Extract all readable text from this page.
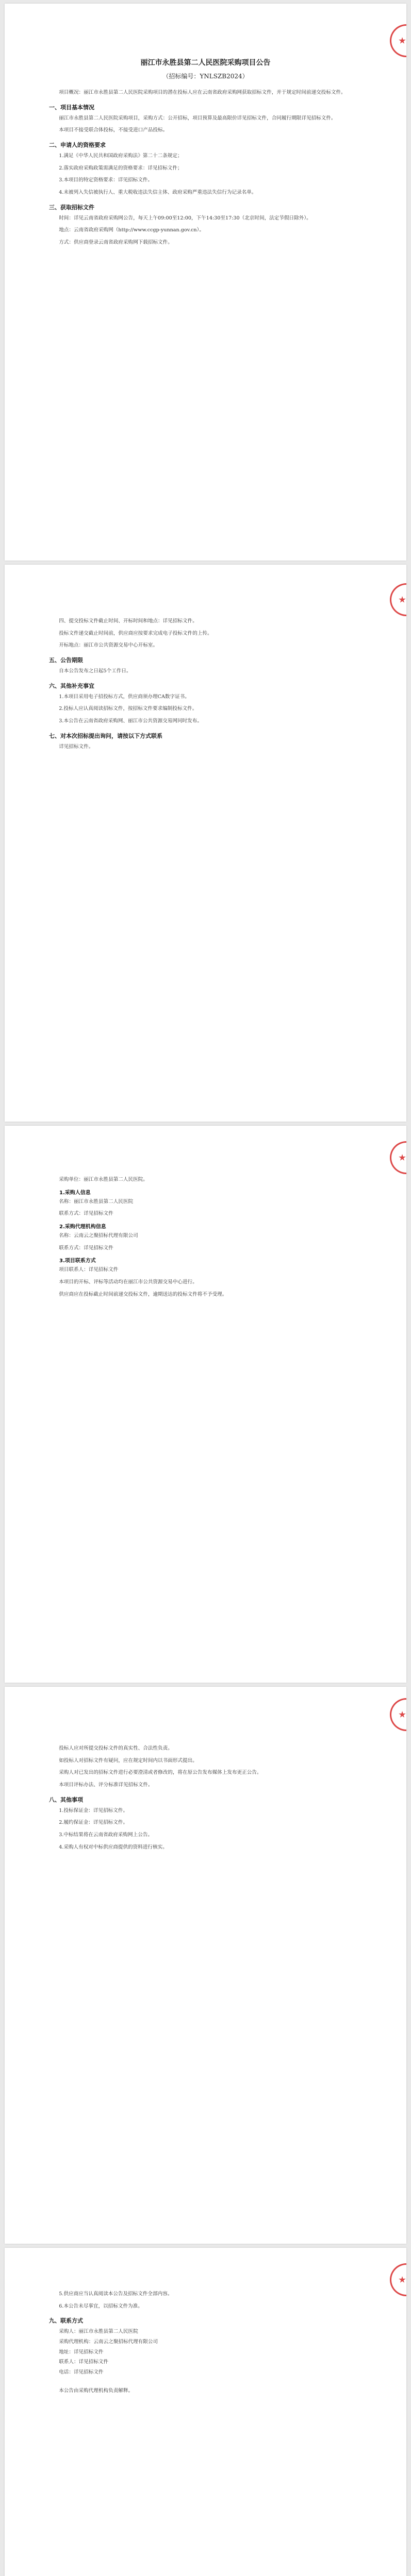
丽江市永胜县第二人民医院采购项目公告
（招标编号：YNLSZB2024）

项目概况：丽江市永胜县第二人民医院采购项目的潜在投标人应在云南省政府采购网获取招标文件，并于规定时间前递交投标文件。

一、项目基本情况

丽江市永胜县第二人民医院采购项目，采购方式：公开招标，项目预算及最高限价详见招标文件，合同履行期限详见招标文件。

本项目不接受联合体投标，不接受进口产品投标。

二、申请人的资格要求

1.满足《中华人民共和国政府采购法》第二十二条规定；

2.落实政府采购政策需满足的资格要求：详见招标文件；

3.本项目的特定资格要求：详见招标文件。

4.未被列入失信被执行人、重大税收违法失信主体、政府采购严重违法失信行为记录名单。

三、获取招标文件

时间：详见云南省政府采购网公告，每天上午09:00至12:00，下午14:30至17:30（北京时间，法定节假日除外）。

地点：云南省政府采购网（http://www.ccgp-yunnan.gov.cn）。

方式：供应商登录云南省政府采购网下载招标文件。

四、提交投标文件截止时间、开标时间和地点：详见招标文件。

投标文件递交截止时间前，供应商应按要求完成电子投标文件的上传。

开标地点：丽江市公共资源交易中心开标室。

五、公告期限

自本公告发布之日起5个工作日。

六、其他补充事宜

1.本项目采用电子招投标方式，供应商须办理CA数字证书。

2.投标人应认真阅读招标文件，按招标文件要求编制投标文件。

3.本公告在云南省政府采购网、丽江市公共资源交易网同时发布。

七、对本次招标提出询问，请按以下方式联系

详见招标文件。

采购单位：丽江市永胜县第二人民医院。

1.采购人信息

名称：丽江市永胜县第二人民医院

联系方式：详见招标文件

2.采购代理机构信息

名称：云南云之聚招标代理有限公司

联系方式：详见招标文件

3.项目联系方式

项目联系人：详见招标文件

本项目的开标、评标等活动均在丽江市公共资源交易中心进行。

供应商应在投标截止时间前递交投标文件，逾期送达的投标文件将不予受理。

投标人应对所提交投标文件的真实性、合法性负责。

如投标人对招标文件有疑问，应在规定时间内以书面形式提出。

采购人对已发出的招标文件进行必要澄清或者修改的，将在原公告发布媒体上发布更正公告。

本项目评标办法、评分标准详见招标文件。

八、其他事项

1.投标保证金：详见招标文件。

2.履约保证金：详见招标文件。

3.中标结果将在云南省政府采购网上公告。

4.采购人有权对中标供应商提供的资料进行核实。

5.供应商应当认真阅读本公告及招标文件全部内容。

6.本公告未尽事宜，以招标文件为准。

九、联系方式

采购人：丽江市永胜县第二人民医院

采购代理机构：云南云之聚招标代理有限公司

地址：详见招标文件

联系人：详见招标文件

电话：详见招标文件

本公告由采购代理机构负责解释。
